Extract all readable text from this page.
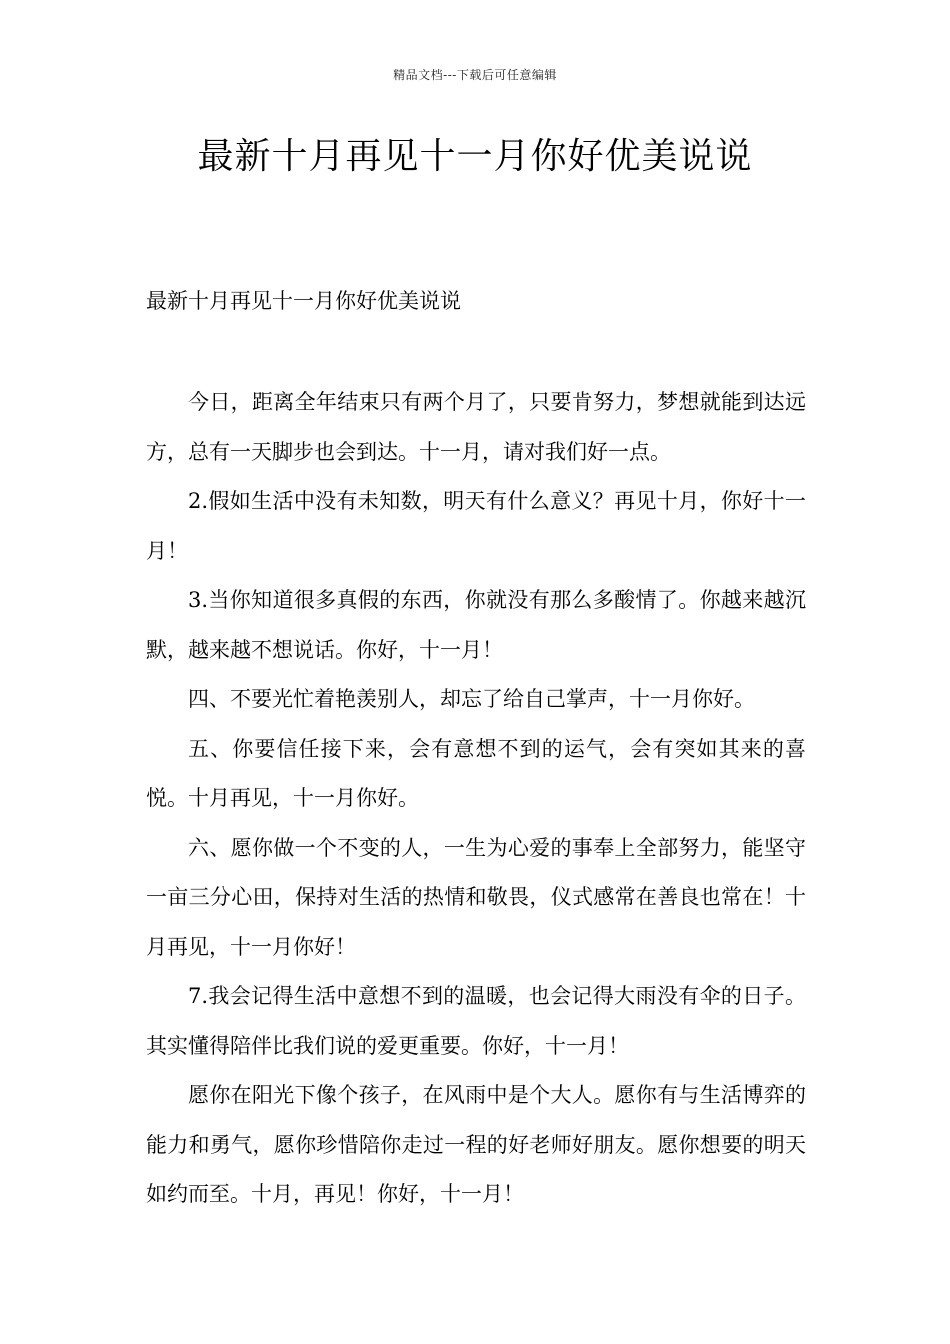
精品文档---下载后可任意编辑
最新十月再见十一月你好优美说说

最新十月再见十一月你好优美说说

今日，距离全年结束只有两个月了，只要肯努力，梦想就能到达远方，总有一天脚步也会到达。十一月，请对我们好一点。

2.假如生活中没有未知数，明天有什么意义？再见十月，你好十一月！

3.当你知道很多真假的东西，你就没有那么多酸情了。你越来越沉默，越来越不想说话。你好，十一月！

四、不要光忙着艳羡别人，却忘了给自己掌声，十一月你好。

五、你要信任接下来，会有意想不到的运气，会有突如其来的喜悦。十月再见，十一月你好。

六、愿你做一个不变的人，一生为心爱的事奉上全部努力，能坚守一亩三分心田，保持对生活的热情和敬畏，仪式感常在善良也常在！十月再见，十一月你好！

7.我会记得生活中意想不到的温暖，也会记得大雨没有伞的日子。其实懂得陪伴比我们说的爱更重要。你好，十一月！

愿你在阳光下像个孩子，在风雨中是个大人。愿你有与生活博弈的能力和勇气，愿你珍惜陪你走过一程的好老师好朋友。愿你想要的明天如约而至。十月，再见！你好，十一月！
